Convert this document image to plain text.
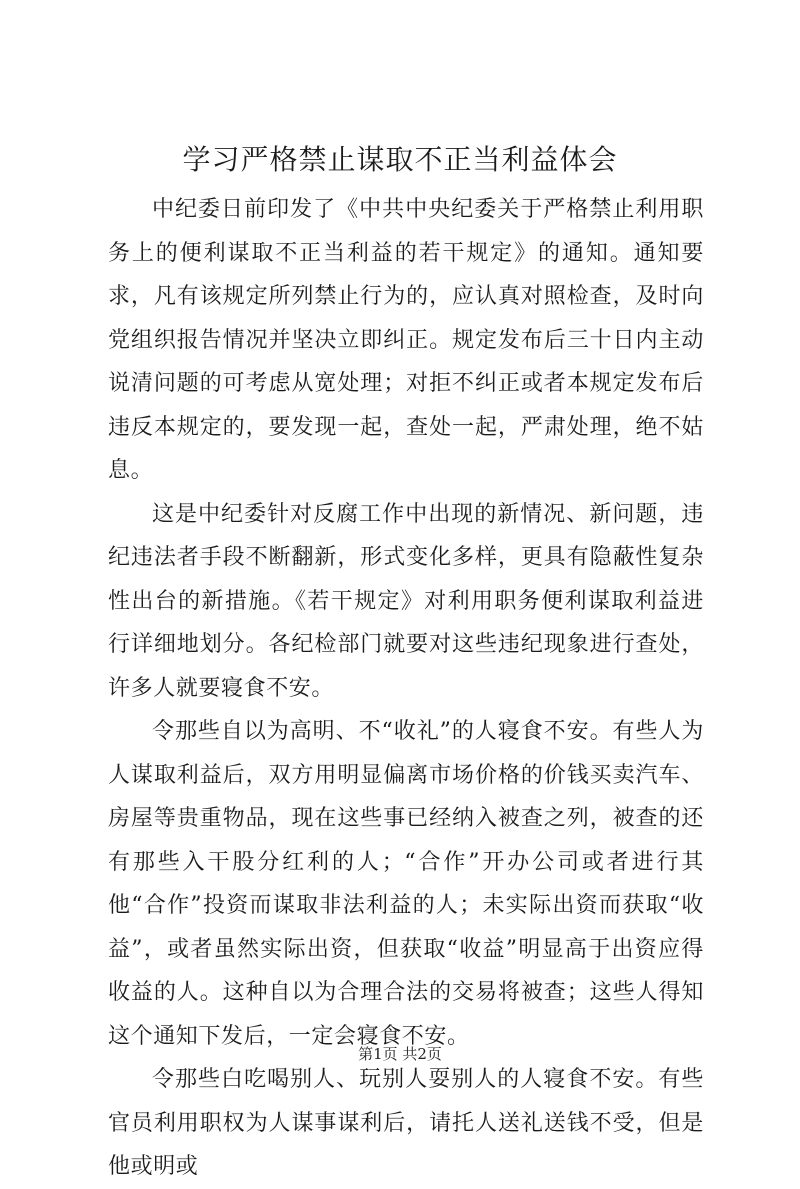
学习严格禁止谋取不正当利益体会

中纪委日前印发了《中共中央纪委关于严格禁止利用职务上的便利谋取不正当利益的若干规定》的通知。通知要求，凡有该规定所列禁止行为的，应认真对照检查，及时向党组织报告情况并坚决立即纠正。规定发布后三十日内主动说清问题的可考虑从宽处理；对拒不纠正或者本规定发布后违反本规定的，要发现一起，查处一起，严肃处理，绝不姑息。

这是中纪委针对反腐工作中出现的新情况、新问题，违纪违法者手段不断翻新，形式变化多样，更具有隐蔽性复杂性出台的新措施。《若干规定》对利用职务便利谋取利益进行详细地划分。各纪检部门就要对这些违纪现象进行查处，许多人就要寝食不安。

令那些自以为高明、不“收礼”的人寝食不安。有些人为人谋取利益后，双方用明显偏离市场价格的价钱买卖汽车、房屋等贵重物品，现在这些事已经纳入被查之列，被查的还有那些入干股分红利的人；“合作”开办公司或者进行其他“合作”投资而谋取非法利益的人；未实际出资而获取“收益”，或者虽然实际出资，但获取“收益”明显高于出资应得收益的人。这种自以为合理合法的交易将被查；这些人得知这个通知下发后，一定会寝食不安。

令那些白吃喝别人、玩别人耍别人的人寝食不安。有些官员利用职权为人谋事谋利后，请托人送礼送钱不受，但是他或明或

第1页 共2页
